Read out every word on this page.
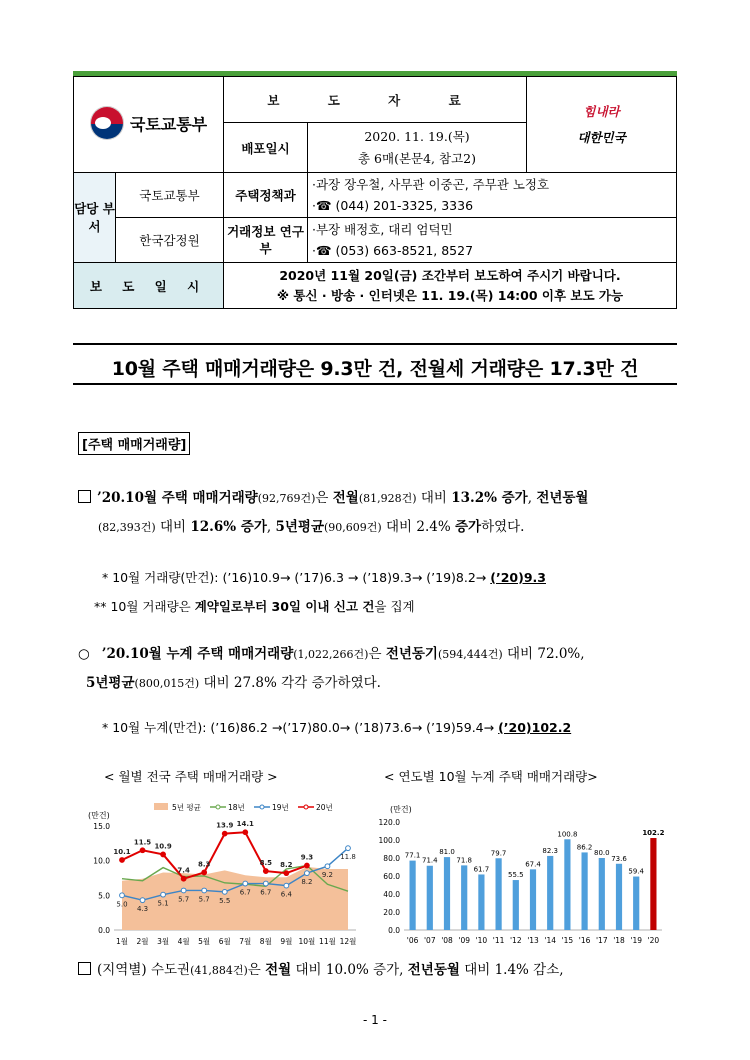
국토교통부		보 도 자 료		힘내라
대한민국

		배포일시	2020. 11. 19.(목)
총 6매(본문4, 참고2)	

담당 부서	국토교통부	주택정책과	·과장 장우철, 사무관 이중곤, 주무관 노정호
·☎ (044) 201-3325, 3336	

	한국감정원	거래정보 연구부	·부장 배정호, 대리 엄덕민
·☎ (053) 663-8521, 8527	

보 도 일 시		2020년 11월 20일(금) 조간부터 보도하여 주시기 바랍니다.
※ 통신 · 방송 · 인터넷은 11. 19.(목) 14:00 이후 보도 가능		
10월 주택 매매거래량은 9.3만 건, 전월세 거래량은 17.3만 건
[주택 매매거래량]
’20.10월 주택 매매거래량(92,769건)은 전월(81,928건) 대비 13.2% 증가, 전년동월
(82,393건) 대비 12.6% 증가, 5년평균(90,609건) 대비 2.4% 증가하였다.
* 10월 거래량(만건): (’16)10.9→ (’17)6.3 → (’18)9.3→ (’19)8.2→ (’20)9.3
** 10월 거래량은 계약일로부터 30일 이내 신고 건을 집계
○ ’20.10월 누계 주택 매매거래량(1,022,266건)은 전년동기(594,444건) 대비 72.0%,
5년평균(800,015건) 대비 27.8% 각각 증가하였다.
* 10월 누계(만건): (’16)86.2 →(’17)80.0→ (’18)73.6→ (’19)59.4→ (’20)102.2
< 월별 전국 주택 매매거래량 >	< 연도별 10월 누계 주택 매매거래량>
(만건)
0.0
5.0
10.0
15.0
1월 2월 3월 4월 5월 6월 7월 8월 9월 10월 11월 12월
5년 평균	18년	19년	20년
5.0
4.3
5.1
5.7 5.7 5.5
6.7 6.7 6.4
8.2
9.2
11.8
10.1
11.5
10.9
7.4
8.3
13.9 14.1
8.5 8.2
9.3
(만건)
0.0
20.0
40.0
60.0
80.0
100.0
120.0
77.1
'06
71.4
'07
81.0
'08
71.8
'09
61.7
'10
79.7
'11
55.5
'12
67.4
'13
82.3
'14
100.8
'15
86.2
'16
80.0
'17
73.6
'18
59.4
'19
102.2
'20
(지역별) 수도권(41,884건)은 전월 대비 10.0% 증가, 전년동월 대비 1.4% 감소,
- 1 -
